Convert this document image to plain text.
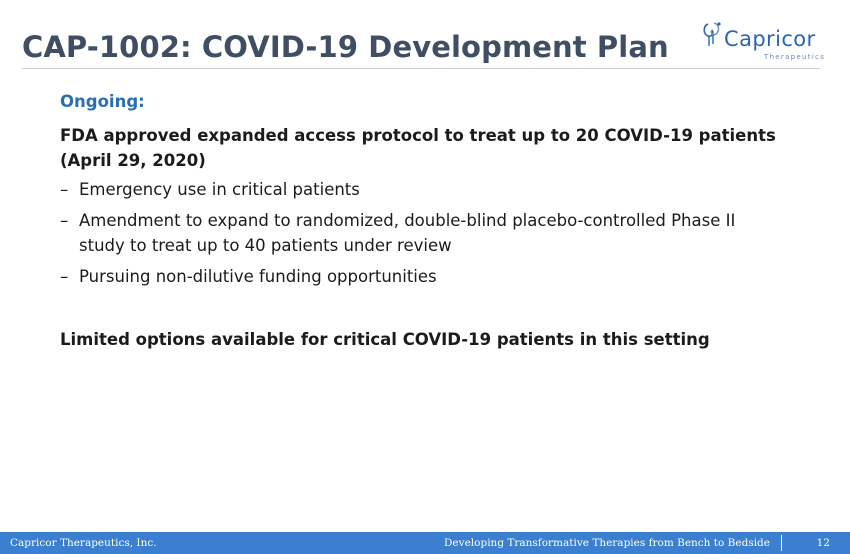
CAP-1002: COVID-19 Development Plan	Capricor
Therapeutics
Ongoing:
FDA approved expanded access protocol to treat up to 20 COVID-19 patients (April 29, 2020)
– Emergency use in critical patients
– Amendment to expand to randomized, double-blind placebo-controlled Phase II study to treat up to 40 patients under review
– Pursuing non-dilutive funding opportunities
Limited options available for critical COVID-19 patients in this setting
Capricor Therapeutics, Inc.	Developing Transformative Therapies from Bench to Bedside	12
